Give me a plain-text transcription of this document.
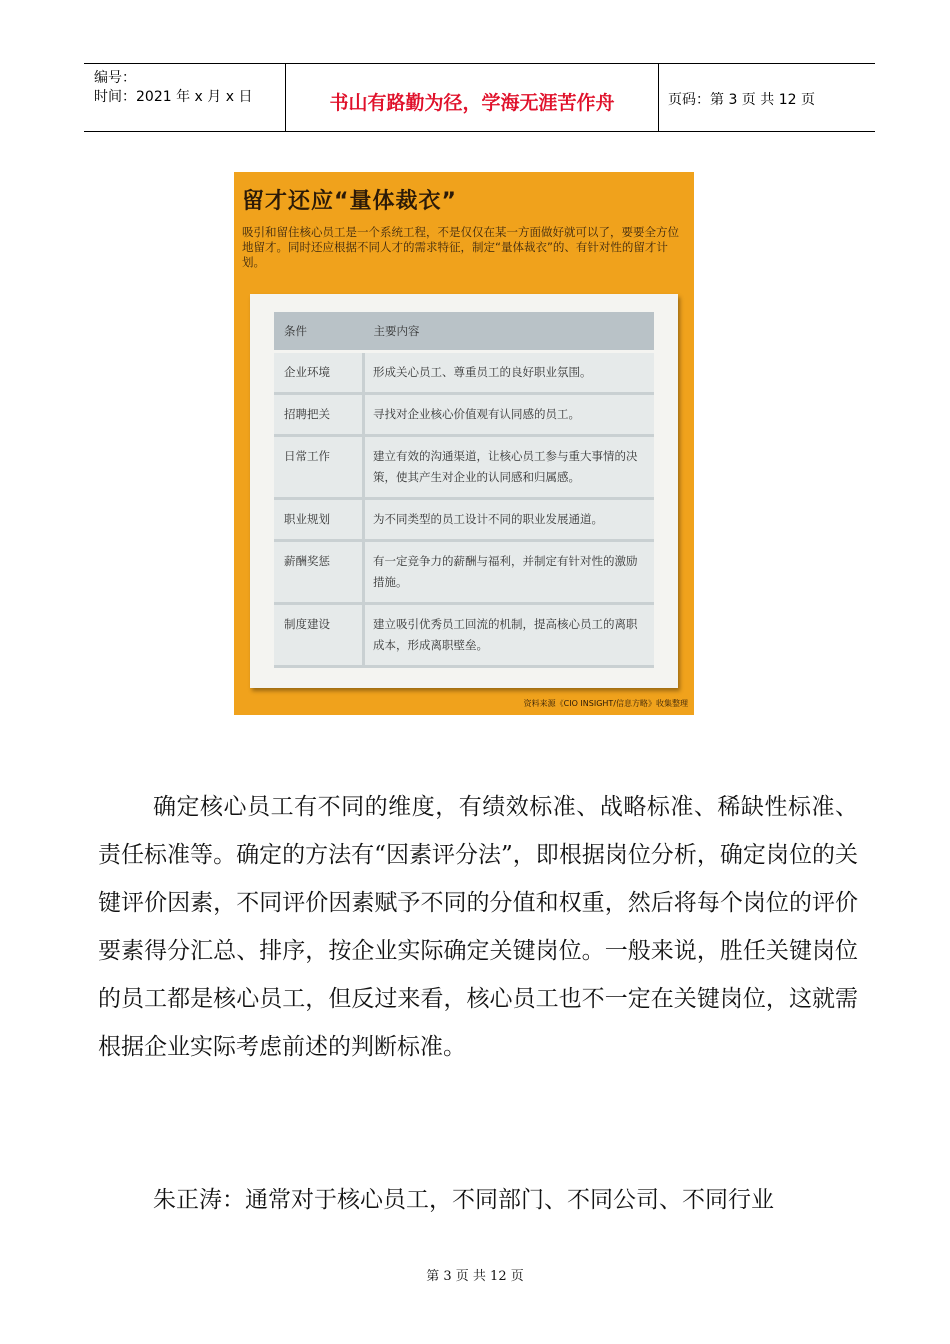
编号：
时间：2021 年 x 月 x 日	书山有路勤为径，学海无涯苦作舟	页码：第 3 页 共 12 页
留才还应“量体裁衣”
吸引和留住核心员工是一个系统工程，不是仅仅在某一方面做好就可以了，要要全方位地留才。同时还应根据不同人才的需求特征，制定“量体裁衣”的、有针对性的留才计划。
条件	主要内容
企业环境	形成关心员工、尊重员工的良好职业氛围。
招聘把关	寻找对企业核心价值观有认同感的员工。
日常工作	建立有效的沟通渠道，让核心员工参与重大事情的决策，使其产生对企业的认同感和归属感。
职业规划	为不同类型的员工设计不同的职业发展通道。
薪酬奖惩	有一定竞争力的薪酬与福利，并制定有针对性的激励措施。
制度建设	建立吸引优秀员工回流的机制，提高核心员工的离职成本，形成离职壁垒。
资料来源《CIO INSIGHT/信息方略》收集整理
确定核心员工有不同的维度，有绩效标准、战略标准、稀缺性标准、责任标准等。确定的方法有“因素评分法”，即根据岗位分析，确定岗位的关键评价因素，不同评价因素赋予不同的分值和权重，然后将每个岗位的评价要素得分汇总、排序，按企业实际确定关键岗位。一般来说，胜任关键岗位的员工都是核心员工，但反过来看，核心员工也不一定在关键岗位，这就需根据企业实际考虑前述的判断标准。
朱正涛：通常对于核心员工，不同部门、不同公司、不同行业
第 3 页 共 12 页
